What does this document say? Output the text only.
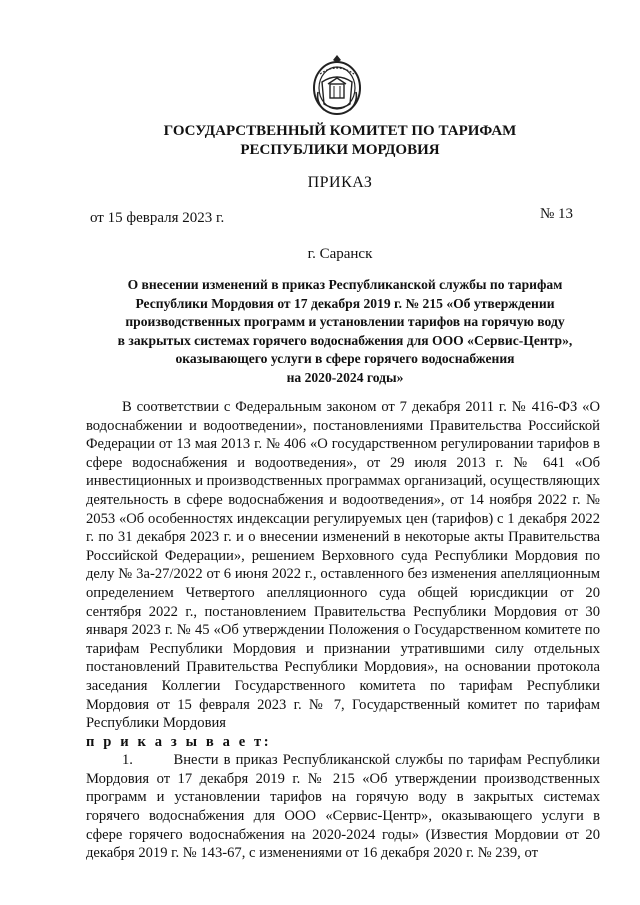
ГОСУДАРСТВЕННЫЙ КОМИТЕТ ПО ТАРИФАМ
РЕСПУБЛИКИ МОРДОВИЯ
ПРИКАЗ
от 15 февраля 2023 г.	№ 13
г. Саранск
О внесении изменений в приказ Республиканской службы по тарифам
Республики Мордовия от 17 декабря 2019 г. № 215 «Об утверждении
производственных программ и установлении тарифов на горячую воду
в закрытых системах горячего водоснабжения для ООО «Сервис-Центр»,
оказывающего услуги в сфере горячего водоснабжения
на 2020-2024 годы»

В соответствии с Федеральным законом от 7 декабря 2011 г. № 416-ФЗ «О водоснабжении и водоотведении», постановлениями Правительства Российской Федерации от 13 мая 2013 г. № 406 «О государственном регулировании тарифов в сфере водоснабжения и водоотведения», от 29 июля 2013 г. № 641 «Об инвестиционных и производственных программах организаций, осуществляющих деятельность в сфере водоснабжения и водоотведения», от 14 ноября 2022 г. № 2053 «Об особенностях индексации регулируемых цен (тарифов) с 1 декабря 2022 г. по 31 декабря 2023 г. и о внесении изменений в некоторые акты Правительства Российской Федерации», решением Верховного суда Республики Мордовия по делу № 3а-27/2022 от 6 июня 2022 г., оставленного без изменения апелляционным определением Четвертого апелляционного суда общей юрисдикции от 20 сентября 2022 г., постановлением Правительства Республики Мордовия от 30 января 2023 г. № 45 «Об утверждении Положения о Государственном комитете по тарифам Республики Мордовия и признании утратившими силу отдельных постановлений Правительства Республики Мордовия», на основании протокола заседания Коллегии Государственного комитета по тарифам Республики Мордовия от 15 февраля 2023 г. № 7, Государственный комитет по тарифам Республики Мордовия

п р и к а з ы в а е т:

1.	Внести в приказ Республиканской службы по тарифам Республики Мордовия от 17 декабря 2019 г. № 215 «Об утверждении производственных программ и установлении тарифов на горячую воду в закрытых системах горячего водоснабжения для ООО «Сервис-Центр», оказывающего услуги в сфере горячего водоснабжения на 2020-2024 годы» (Известия Мордовии от 20 декабря 2019 г. № 143-67, с изменениями от 16 декабря 2020 г. № 239, от
